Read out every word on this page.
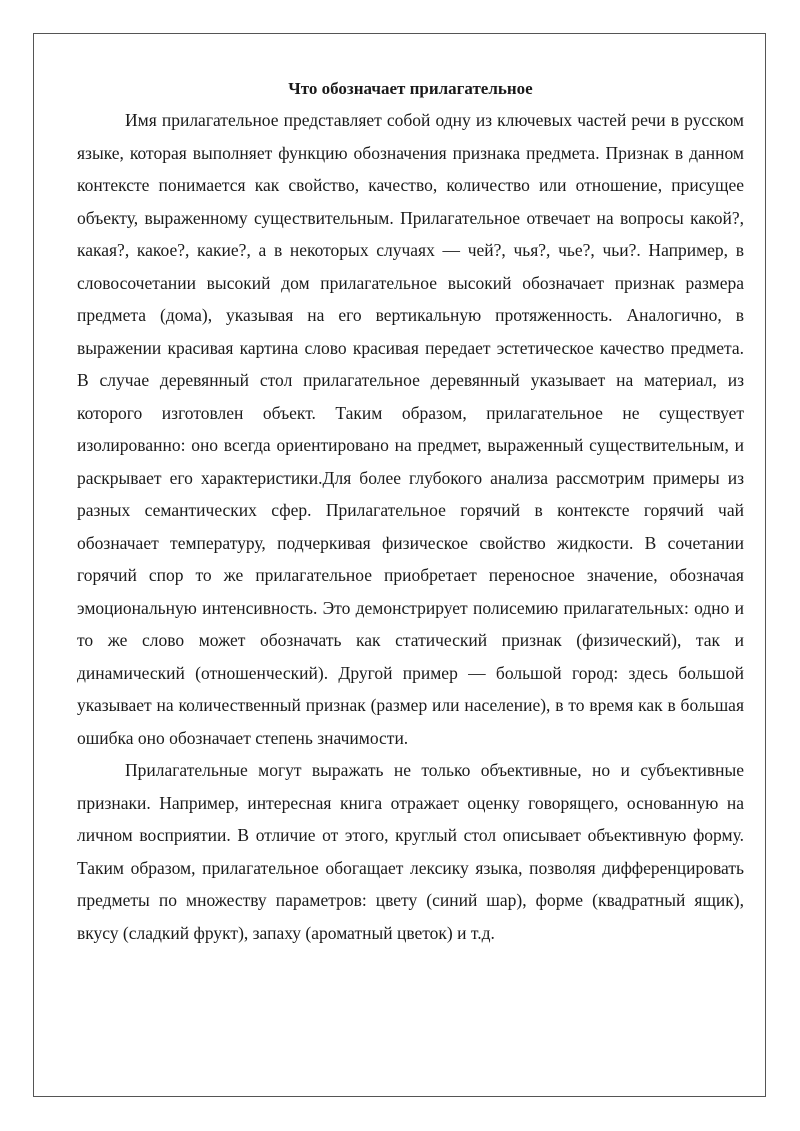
Что обозначает прилагательное

Имя прилагательное представляет собой одну из ключевых частей речи в русском языке, которая выполняет функцию обозначения признака предмета. Признак в данном контексте понимается как свойство, качество, количество или отношение, присущее объекту, выраженному существительным. Прилагательное отвечает на вопросы какой?, какая?, какое?, какие?, а в некоторых случаях — чей?, чья?, чье?, чьи?. Например, в словосочетании высокий дом прилагательное высокий обозначает признак размера предмета (дома), указывая на его вертикальную протяженность. Аналогично, в выражении красивая картина слово красивая передает эстетическое качество предмета. В случае деревянный стол прилагательное деревянный указывает на материал, из которого изготовлен объект. Таким образом, прилагательное не существует изолированно: оно всегда ориентировано на предмет, выраженный существительным, и раскрывает его характеристики.Для более глубокого анализа рассмотрим примеры из разных семантических сфер. Прилагательное горячий в контексте горячий чай обозначает температуру, подчеркивая физическое свойство жидкости. В сочетании горячий спор то же прилагательное приобретает переносное значение, обозначая эмоциональную интенсивность. Это демонстрирует полисемию прилагательных: одно и то же слово может обозначать как статический признак (физический), так и динамический (отношенческий). Другой пример — большой город: здесь большой указывает на количественный признак (размер или население), в то время как в большая ошибка оно обозначает степень значимости.

Прилагательные могут выражать не только объективные, но и субъективные признаки. Например, интересная книга отражает оценку говорящего, основанную на личном восприятии. В отличие от этого, круглый стол описывает объективную форму. Таким образом, прилагательное обогащает лексику языка, позволяя дифференцировать предметы по множеству параметров: цвету (синий шар), форме (квадратный ящик), вкусу (сладкий фрукт), запаху (ароматный цветок) и т.д.
